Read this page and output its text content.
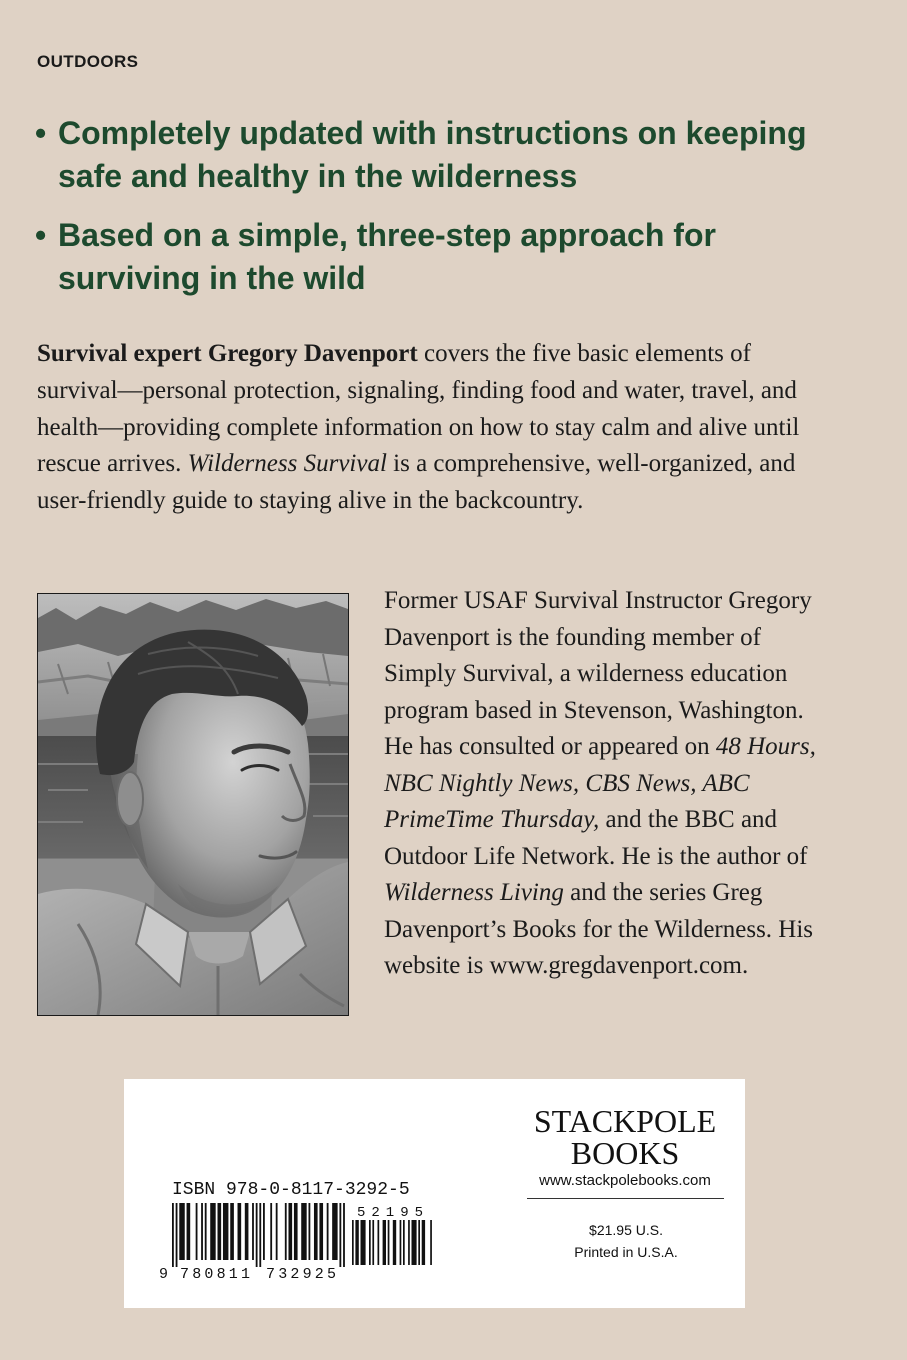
OUTDOORS
• Completely updated with instructions on keeping
safe and healthy in the wilderness
• Based on a simple, three-step approach for
surviving in the wild
Survival expert Gregory Davenport covers the five basic elements of
survival—personal protection, signaling, finding food and water, travel, and
health—providing complete information on how to stay calm and alive until
rescue arrives. Wilderness Survival is a comprehensive, well-organized, and
user-friendly guide to staying alive in the backcountry.
Former USAF Survival Instructor Gregory
Davenport is the founding member of
Simply Survival, a wilderness education
program based in Stevenson, Washington.
He has consulted or appeared on 48 Hours,
NBC Nightly News, CBS News, ABC
PrimeTime Thursday, and the BBC and
Outdoor Life Network. He is the author of
Wilderness Living and the series Greg
Davenport’s Books for the Wilderness. His
website is www.gregdavenport.com.
STACKPOLE
BOOKS
www.stackpolebooks.com
$21.95 U.S.
Printed in U.S.A.
ISBN 978-0-8117-3292-5
9 780811 732925
52195
